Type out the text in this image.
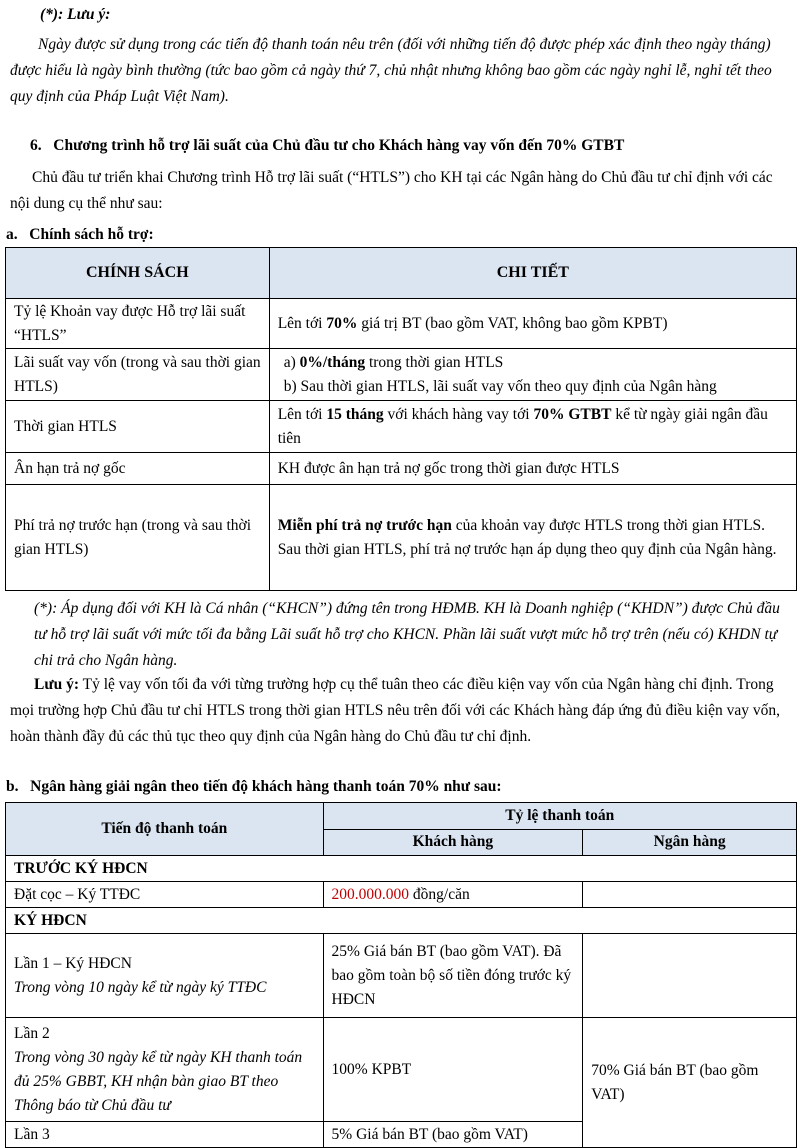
(*): Lưu ý:
Ngày được sử dụng trong các tiến độ thanh toán nêu trên (đối với những tiến độ được phép xác định theo ngày tháng) được hiểu là ngày bình thường (tức bao gồm cả ngày thứ 7, chủ nhật nhưng không bao gồm các ngày nghỉ lễ, nghỉ tết theo quy định của Pháp Luật Việt Nam).
6.   Chương trình hỗ trợ lãi suất của Chủ đầu tư cho Khách hàng vay vốn đến 70% GTBT
Chủ đầu tư triển khai Chương trình Hỗ trợ lãi suất (“HTLS”) cho KH tại các Ngân hàng do Chủ đầu tư chỉ định với các nội dung cụ thể như sau:
a.   Chính sách hỗ trợ:
CHÍNH SÁCH	CHI TIẾT
Tỷ lệ Khoản vay được Hỗ trợ lãi suất “HTLS”	Lên tới 70% giá trị BT (bao gồm VAT, không bao gồm KPBT)
Lãi suất vay vốn (trong và sau thời gian HTLS)	a) 0%/tháng trong thời gian HTLS
b) Sau thời gian HTLS, lãi suất vay vốn theo quy định của Ngân hàng

Thời gian HTLS	Lên tới 15 tháng với khách hàng vay tới 70% GTBT kể từ ngày giải ngân đầu tiên
Ân hạn trả nợ gốc	KH được ân hạn trả nợ gốc trong thời gian được HTLS
Phí trả nợ trước hạn (trong và sau thời gian HTLS)	Miễn phí trả nợ trước hạn của khoản vay được HTLS trong thời gian HTLS.
Sau thời gian HTLS, phí trả nợ trước hạn áp dụng theo quy định của Ngân hàng.
(*): Áp dụng đối với KH là Cá nhân (“KHCN”) đứng tên trong HĐMB. KH là Doanh nghiệp (“KHDN”) được Chủ đầu tư hỗ trợ lãi suất với mức tối đa bằng Lãi suất hỗ trợ cho KHCN. Phần lãi suất vượt mức hỗ trợ trên (nếu có) KHDN tự chi trả cho Ngân hàng.
Lưu ý: Tỷ lệ vay vốn tối đa với từng trường hợp cụ thể tuân theo các điều kiện vay vốn của Ngân hàng chỉ định. Trong mọi trường hợp Chủ đầu tư chỉ HTLS trong thời gian HTLS nêu trên đối với các Khách hàng đáp ứng đủ điều kiện vay vốn, hoàn thành đầy đủ các thủ tục theo quy định của Ngân hàng do Chủ đầu tư chỉ định.
b.   Ngân hàng giải ngân theo tiến độ khách hàng thanh toán 70% như sau:
Tiến độ thanh toán	Tỷ lệ thanh toán	
	Khách hàng	Ngân hàng
TRƯỚC KÝ HĐCN		
Đặt cọc – Ký TTĐC	200.000.000 đồng/căn	
KÝ HĐCN		

Lần 1 – Ký HĐCN
Trong vòng 10 ngày kể từ ngày ký TTĐC	25% Giá bán BT (bao gồm VAT). Đã bao gồm toàn bộ số tiền đóng trước ký HĐCN	

Lần 2
Trong vòng 30 ngày kể từ ngày KH thanh toán đủ 25% GBBT, KH nhận bàn giao BT theo Thông báo từ Chủ đầu tư	100% KPBT	70% Giá bán BT (bao gồm VAT)
Lần 3	5% Giá bán BT (bao gồm VAT)	
